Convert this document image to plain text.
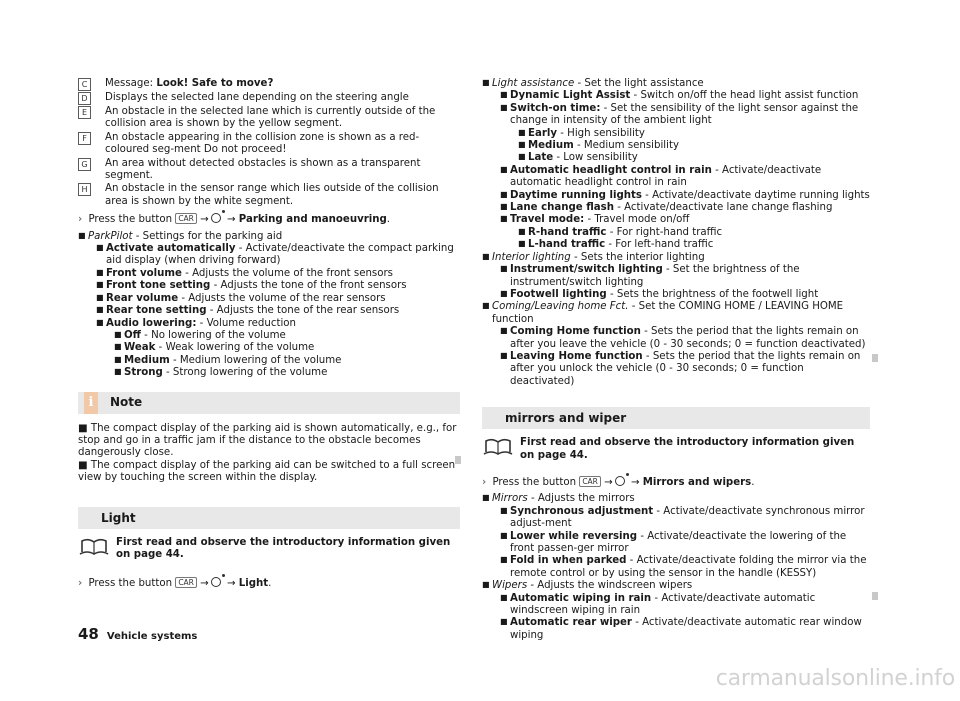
C	Message: Look! Safe to move?
D	Displays the selected lane depending on the steering angle
E	An obstacle in the selected lane which is currently outside of the collision area is shown by the yellow segment.
F	An obstacle appearing in the collision zone is shown as a red-coloured seg-ment Do not proceed!
G	An area without detected obstacles is shown as a transparent segment.
H	An obstacle in the sensor range which lies outside of the collision area is shown by the white segment.
› Press the button CAR → → Parking and manoeuvring.
■ ParkPilot - Settings for the parking aid
■ Activate automatically - Activate/deactivate the compact parking aid display (when driving forward)
■ Front volume - Adjusts the volume of the front sensors
■ Front tone setting - Adjusts the tone of the front sensors
■ Rear volume - Adjusts the volume of the rear sensors
■ Rear tone setting - Adjusts the tone of the rear sensors
■ Audio lowering: - Volume reduction
■ Off - No lowering of the volume
■ Weak - Weak lowering of the volume
■ Medium - Medium lowering of the volume
■ Strong - Strong lowering of the volume
i	Note

■ The compact display of the parking aid is shown automatically, e.g., for stop and go in a traffic jam if the distance to the obstacle becomes dangerously close.

■ The compact display of the parking aid can be switched to a full screen view by touching the screen within the display.

Light
First read and observe the introductory information given on page 44.
› Press the button CAR → → Light.
■ Light assistance - Set the light assistance
■ Dynamic Light Assist - Switch on/off the head light assist function
■ Switch-on time: - Set the sensibility of the light sensor against the change in intensity of the ambient light
■ Early - High sensibility
■ Medium - Medium sensibility
■ Late - Low sensibility
■ Automatic headlight control in rain - Activate/deactivate automatic headlight control in rain
■ Daytime running lights - Activate/deactivate daytime running lights
■ Lane change flash - Activate/deactivate lane change flashing
■ Travel mode: - Travel mode on/off
■ R-hand traffic - For right-hand traffic
■ L-hand traffic - For left-hand traffic
■ Interior lighting - Sets the interior lighting
■ Instrument/switch lighting - Set the brightness of the instrument/switch lighting
■ Footwell lighting - Sets the brightness of the footwell light
■ Coming/Leaving home Fct. - Set the COMING HOME / LEAVING HOME function
■ Coming Home function - Sets the period that the lights remain on after you leave the vehicle (0 - 30 seconds; 0 = function deactivated)
■ Leaving Home function - Sets the period that the lights remain on after you unlock the vehicle (0 - 30 seconds; 0 = function deactivated)
mirrors and wiper
First read and observe the introductory information given on page 44.
› Press the button CAR → → Mirrors and wipers.
■ Mirrors - Adjusts the mirrors
■ Synchronous adjustment - Activate/deactivate synchronous mirror adjust-ment
■ Lower while reversing - Activate/deactivate the lowering of the front passen-ger mirror
■ Fold in when parked - Activate/deactivate folding the mirror via the remote control or by using the sensor in the handle (KESSY)
■ Wipers - Adjusts the windscreen wipers
■ Automatic wiping in rain - Activate/deactivate automatic windscreen wiping in rain
■ Automatic rear wiper - Activate/deactivate automatic rear window wiping
48 Vehicle systems
carmanualsonline.info
